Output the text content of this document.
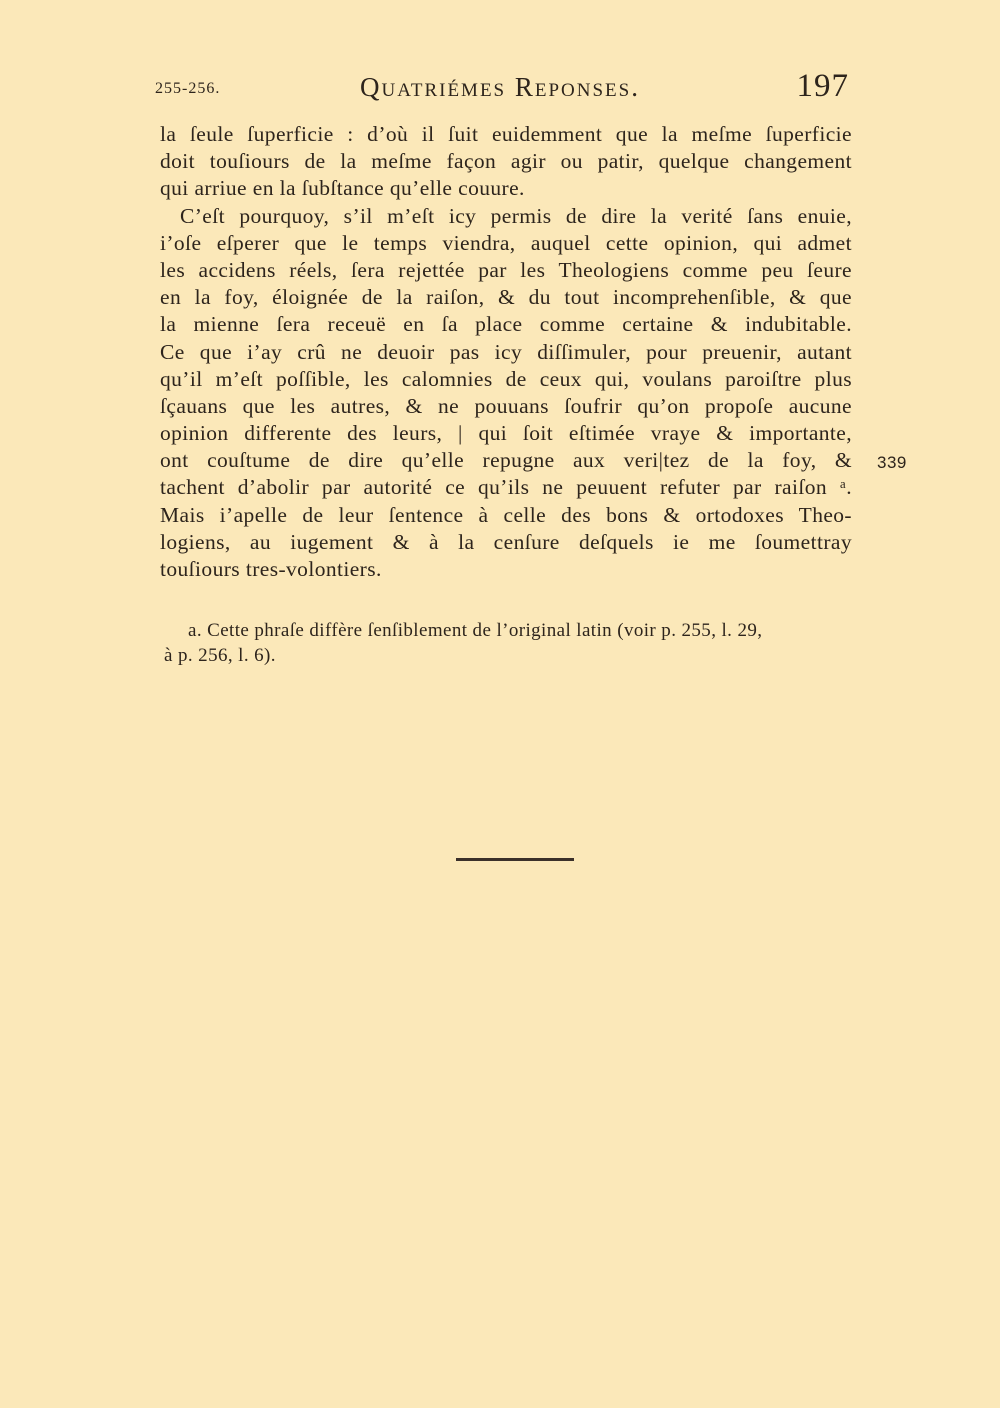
255-256.	Quatriémes Reponses.	197
la ſeule ſuperficie : d’où il ſuit euidemment que la meſme ſuperficie
doit touſiours de la meſme façon agir ou patir, quelque changement
qui arriue en la ſubſtance qu’elle couure.
C’eſt pourquoy, s’il m’eſt icy permis de dire la verité ſans enuie,
i’oſe eſperer que le temps viendra, auquel cette opinion, qui admet
les accidens réels, ſera rejettée par les Theologiens comme peu ſeure
en la foy, éloignée de la raiſon, & du tout incomprehenſible, & que
la mienne ſera receuë en ſa place comme certaine & indubitable.
Ce que i’ay crû ne deuoir pas icy diſſimuler, pour preuenir, autant
qu’il m’eſt poſſible, les calomnies de ceux qui, voulans paroiſtre plus
ſçauans que les autres, & ne pouuans ſoufrir qu’on propoſe aucune
opinion differente des leurs, | qui ſoit eſtimée vraye & importante,
ont couſtume de dire qu’elle repugne aux veri|tez de la foy, &
tachent d’abolir par autorité ce qu’ils ne peuuent refuter par raiſon ᵃ.
Mais i’apelle de leur ſentence à celle des bons & ortodoxes Theo-
logiens, au iugement & à la cenſure deſquels ie me ſoumettray
touſiours tres-volontiers.
339
a. Cette phraſe diffère ſenſiblement de l’original latin (voir p. 255, l. 29,
à p. 256, l. 6).
